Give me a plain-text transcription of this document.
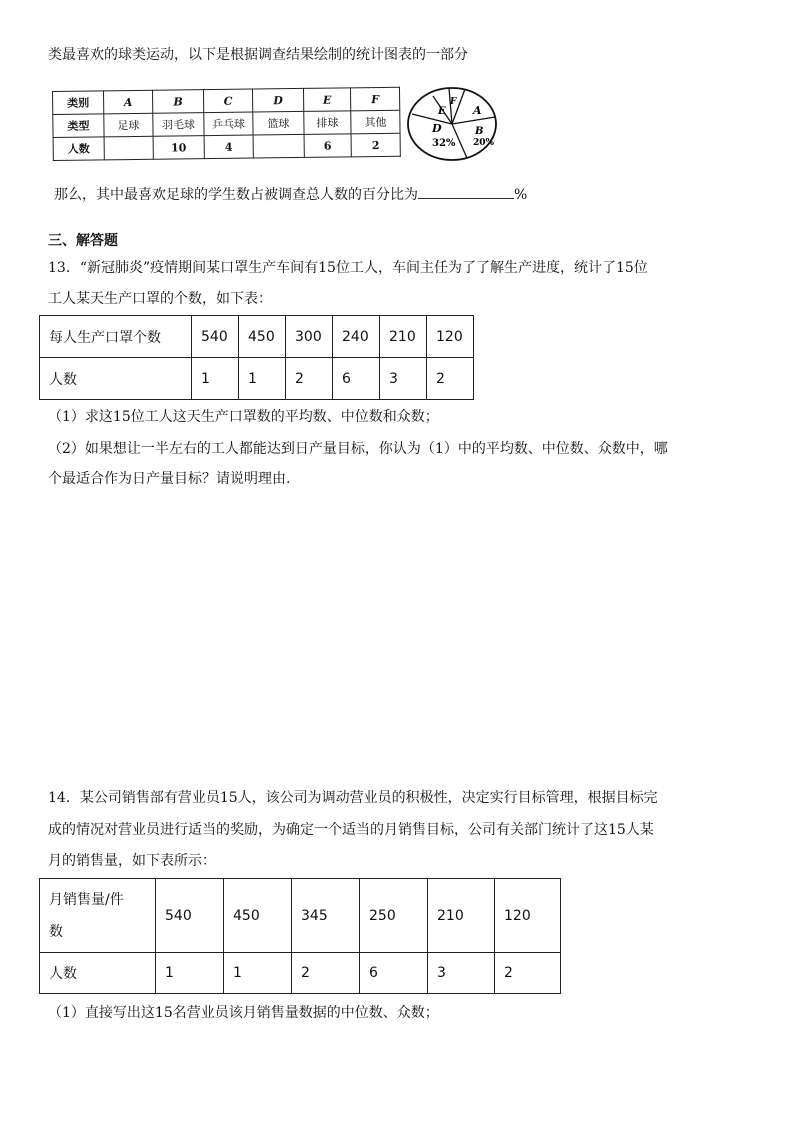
类最喜欢的球类运动，以下是根据调查结果绘制的统计图表的一部分
类别	A	B	C	D	E	F
类型	足球	羽毛球	乒乓球	篮球	排球	其他
人数		10	4		6	2
A
B
20%
D
32%
E
F
那么，其中最喜欢足球的学生数占被调查总人数的百分比为	%
三、解答题
13．“新冠肺炎”疫情期间某口罩生产车间有15位工人，车间主任为了了解生产进度，统计了15位
工人某天生产口罩的个数，如下表：
每人生产口罩个数	540	450	300	240	210	120
人数	1	1	2	6	3	2
（1）求这15位工人这天生产口罩数的平均数、中位数和众数；
（2）如果想让一半左右的工人都能达到日产量目标，你认为（1）中的平均数、中位数、众数中，哪
个最适合作为日产量目标？请说明理由.
14．某公司销售部有营业员15人，该公司为调动营业员的积极性，决定实行目标管理，根据目标完
成的情况对营业员进行适当的奖励，为确定一个适当的月销售目标，公司有关部门统计了这15人某
月的销售量，如下表所示：
月销售量/件
数	540	450	345	250	210	120
人数	1	1	2	6	3	2
（1）直接写出这15名营业员该月销售量数据的中位数、众数；
